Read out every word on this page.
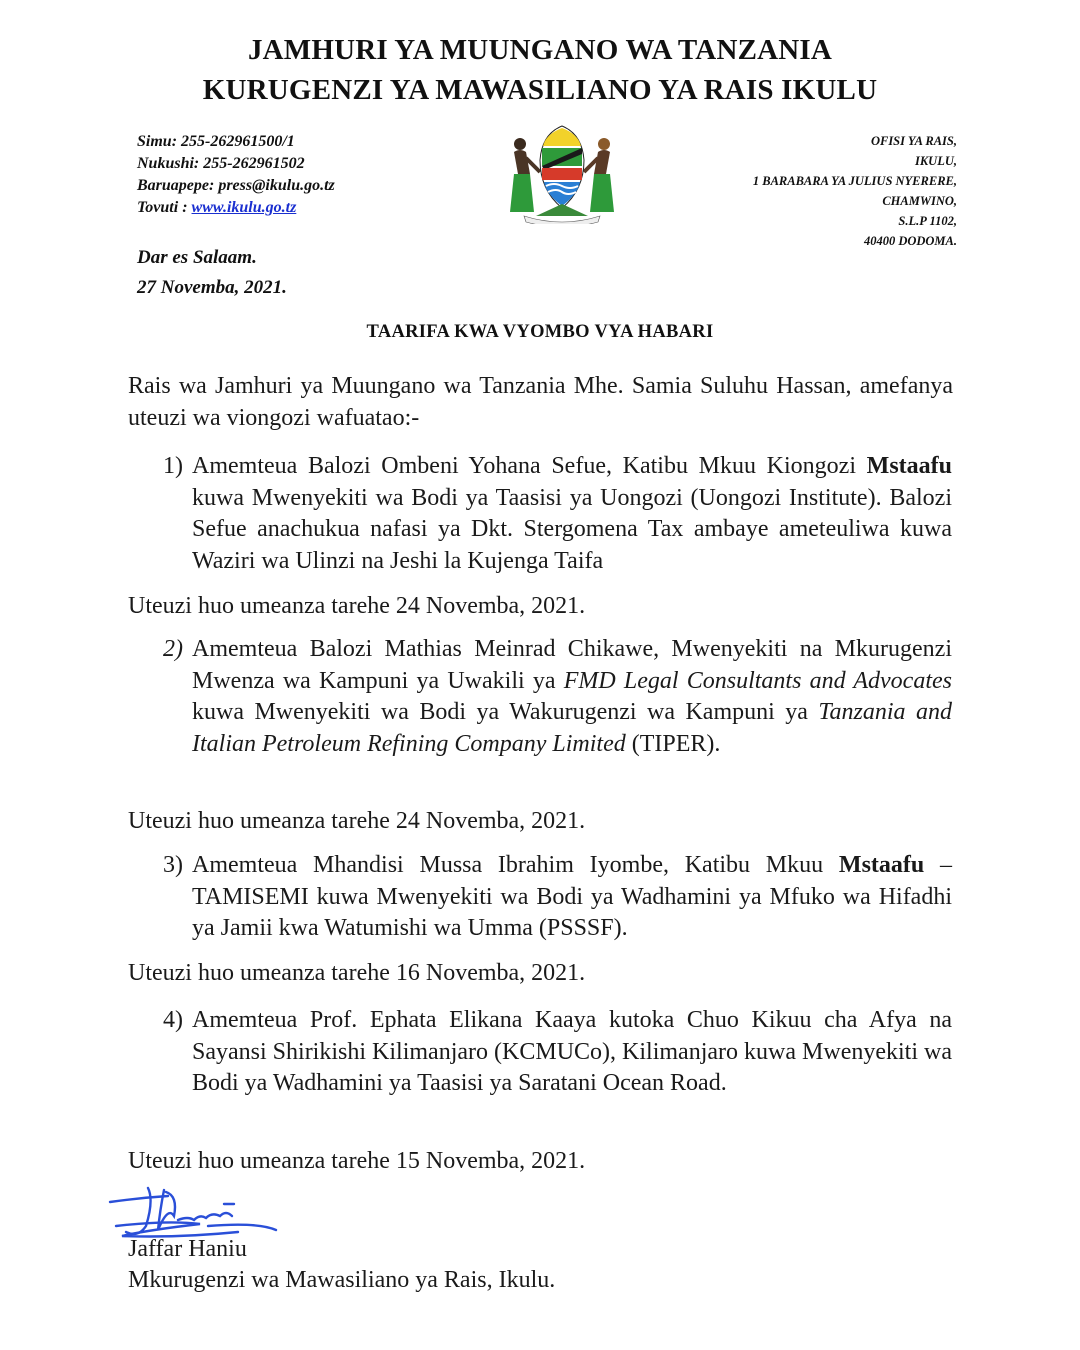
JAMHURI YA MUUNGANO WA TANZANIA
KURUGENZI YA MAWASILIANO YA RAIS IKULU
Simu: 255-262961500/1
Nukushi: 255-262961502
Baruapepe: press@ikulu.go.tz
Tovuti : www.ikulu.go.tz
Dar es Salaam.
27 Novemba, 2021.
OFISI YA RAIS,
IKULU,
1 BARABARA YA JULIUS NYERERE,
CHAMWINO,
S.L.P 1102,
40400 DODOMA.
TAARIFA KWA VYOMBO VYA HABARI
Rais wa Jamhuri ya Muungano wa Tanzania Mhe. Samia Suluhu Hassan, amefanya uteuzi wa viongozi wafuatao:-
1) Amemteua Balozi Ombeni Yohana Sefue, Katibu Mkuu Kiongozi Mstaafu kuwa Mwenyekiti wa Bodi ya Taasisi ya Uongozi (Uongozi Institute). Balozi Sefue anachukua nafasi ya Dkt. Stergomena Tax ambaye ameteuliwa kuwa Waziri wa Ulinzi na Jeshi la Kujenga Taifa
Uteuzi huo umeanza tarehe 24 Novemba, 2021.
2) Amemteua Balozi Mathias Meinrad Chikawe, Mwenyekiti na Mkurugenzi Mwenza wa Kampuni ya Uwakili ya FMD Legal Consultants and Advocates kuwa Mwenyekiti wa Bodi ya Wakurugenzi wa Kampuni ya Tanzania and Italian Petroleum Refining Company Limited (TIPER).
Uteuzi huo umeanza tarehe 24 Novemba, 2021.
3) Amemteua Mhandisi Mussa Ibrahim Iyombe, Katibu Mkuu Mstaafu – TAMISEMI kuwa Mwenyekiti wa Bodi ya Wadhamini ya Mfuko wa Hifadhi ya Jamii kwa Watumishi wa Umma (PSSSF).
Uteuzi huo umeanza tarehe 16 Novemba, 2021.
4) Amemteua Prof. Ephata Elikana Kaaya kutoka Chuo Kikuu cha Afya na Sayansi Shirikishi Kilimanjaro (KCMUCo), Kilimanjaro kuwa Mwenyekiti wa Bodi ya Wadhamini ya Taasisi ya Saratani Ocean Road.
Uteuzi huo umeanza tarehe 15 Novemba, 2021.
Jaffar Haniu
Mkurugenzi wa Mawasiliano ya Rais, Ikulu.
